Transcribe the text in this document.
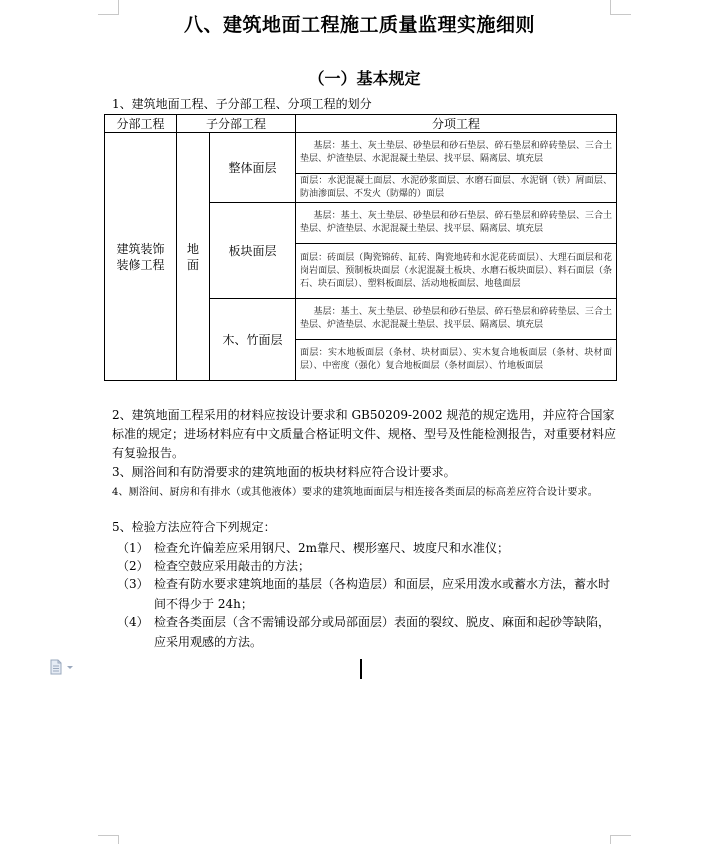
八、建筑地面工程施工质量监理实施细则
（一）基本规定
1、建筑地面工程、子分部工程、分项工程的划分
分部工程	子分部工程		分项工程
建筑装饰装修工程	地面	整体面层	基层：基土、灰土垫层、砂垫层和砂石垫层、碎石垫层和碎砖垫层、三合土垫层、炉渣垫层、水泥混凝土垫层、找平层、隔离层、填充层
			面层：水泥混凝土面层、水泥砂浆面层、水磨石面层、水泥钢（铁）屑面层、防油渗面层、不发火（防爆的）面层
		板块面层	基层：基土、灰土垫层、砂垫层和砂石垫层、碎石垫层和碎砖垫层、三合土垫层、炉渣垫层、水泥混凝土垫层、找平层、隔离层、填充层
			面层：砖面层（陶瓷锦砖、缸砖、陶瓷地砖和水泥花砖面层）、大理石面层和花岗岩面层、预制板块面层（水泥混凝土板块、水磨石板块面层）、料石面层（条石、块石面层）、塑料板面层、活动地板面层、地毯面层
		木、竹面层	基层：基土、灰土垫层、砂垫层和砂石垫层、碎石垫层和碎砖垫层、三合土垫层、炉渣垫层、水泥混凝土垫层、找平层、隔离层、填充层
			面层：实木地板面层（条材、块材面层）、实木复合地板面层（条材、块材面层）、中密度（强化）复合地板面层（条材面层）、竹地板面层
2、建筑地面工程采用的材料应按设计要求和 GB50209-2002 规范的规定选用，并应符合国家标准的规定；进场材料应有中文质量合格证明文件、规格、型号及性能检测报告，对重要材料应有复验报告。
3、厕浴间和有防滑要求的建筑地面的板块材料应符合设计要求。
4、厕浴间、厨房和有排水（或其他液体）要求的建筑地面面层与相连接各类面层的标高差应符合设计要求。
5、检验方法应符合下列规定：
（1） 检查允许偏差应采用钢尺、2m靠尺、楔形塞尺、坡度尺和水准仪；
（2） 检查空鼓应采用敲击的方法；
（3） 检查有防水要求建筑地面的基层（各构造层）和面层，应采用泼水或蓄水方法，蓄水时间不得少于 24h；
（4） 检查各类面层（含不需铺设部分或局部面层）表面的裂纹、脱皮、麻面和起砂等缺陷，应采用观感的方法。
